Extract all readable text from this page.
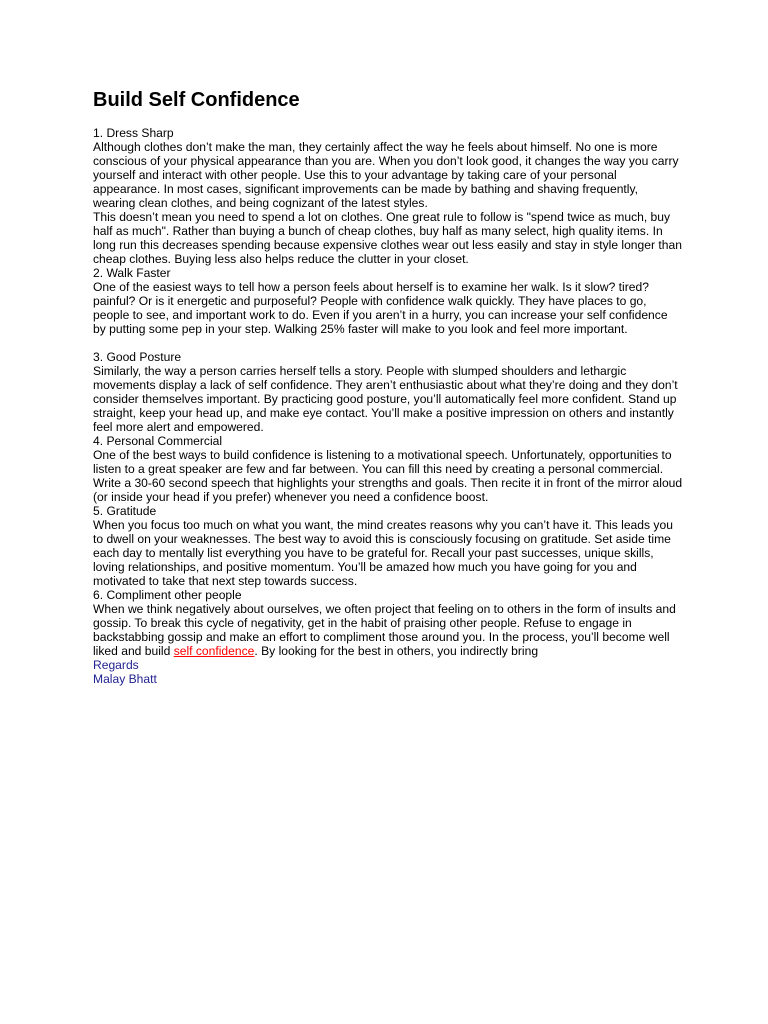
Build Self Confidence

1. Dress Sharp

Although clothes don’t make the man, they certainly affect the way he feels about himself. No one is more conscious of your physical appearance than you are. When you don’t look good, it changes the way you carry yourself and interact with other people. Use this to your advantage by taking care of your personal appearance. In most cases, significant improvements can be made by bathing and shaving frequently, wearing clean clothes, and being cognizant of the latest styles.

This doesn’t mean you need to spend a lot on clothes. One great rule to follow is "spend twice as much, buy half as much". Rather than buying a bunch of cheap clothes, buy half as many select, high quality items. In long run this decreases spending because expensive clothes wear out less easily and stay in style longer than cheap clothes. Buying less also helps reduce the clutter in your closet.

2. Walk Faster

One of the easiest ways to tell how a person feels about herself is to examine her walk. Is it slow? tired? painful? Or is it energetic and purposeful? People with confidence walk quickly. They have places to go, people to see, and important work to do. Even if you aren’t in a hurry, you can increase your self confidence by putting some pep in your step. Walking 25% faster will make to you look and feel more important.

3. Good Posture

Similarly, the way a person carries herself tells a story. People with slumped shoulders and lethargic movements display a lack of self confidence. They aren’t enthusiastic about what they’re doing and they don’t consider themselves important. By practicing good posture, you’ll automatically feel more confident. Stand up straight, keep your head up, and make eye contact. You’ll make a positive impression on others and instantly feel more alert and empowered.

4. Personal Commercial

One of the best ways to build confidence is listening to a motivational speech. Unfortunately, opportunities to listen to a great speaker are few and far between. You can fill this need by creating a personal commercial. Write a 30-60 second speech that highlights your strengths and goals. Then recite it in front of the mirror aloud (or inside your head if you prefer) whenever you need a confidence boost.

5. Gratitude

When you focus too much on what you want, the mind creates reasons why you can’t have it. This leads you to dwell on your weaknesses. The best way to avoid this is consciously focusing on gratitude. Set aside time each day to mentally list everything you have to be grateful for. Recall your past successes, unique skills, loving relationships, and positive momentum. You’ll be amazed how much you have going for you and motivated to take that next step towards success.

6. Compliment other people

When we think negatively about ourselves, we often project that feeling on to others in the form of insults and gossip. To break this cycle of negativity, get in the habit of praising other people. Refuse to engage in backstabbing gossip and make an effort to compliment those around you. In the process, you’ll become well liked and build self confidence. By looking for the best in others, you indirectly bring

Regards

Malay Bhatt
